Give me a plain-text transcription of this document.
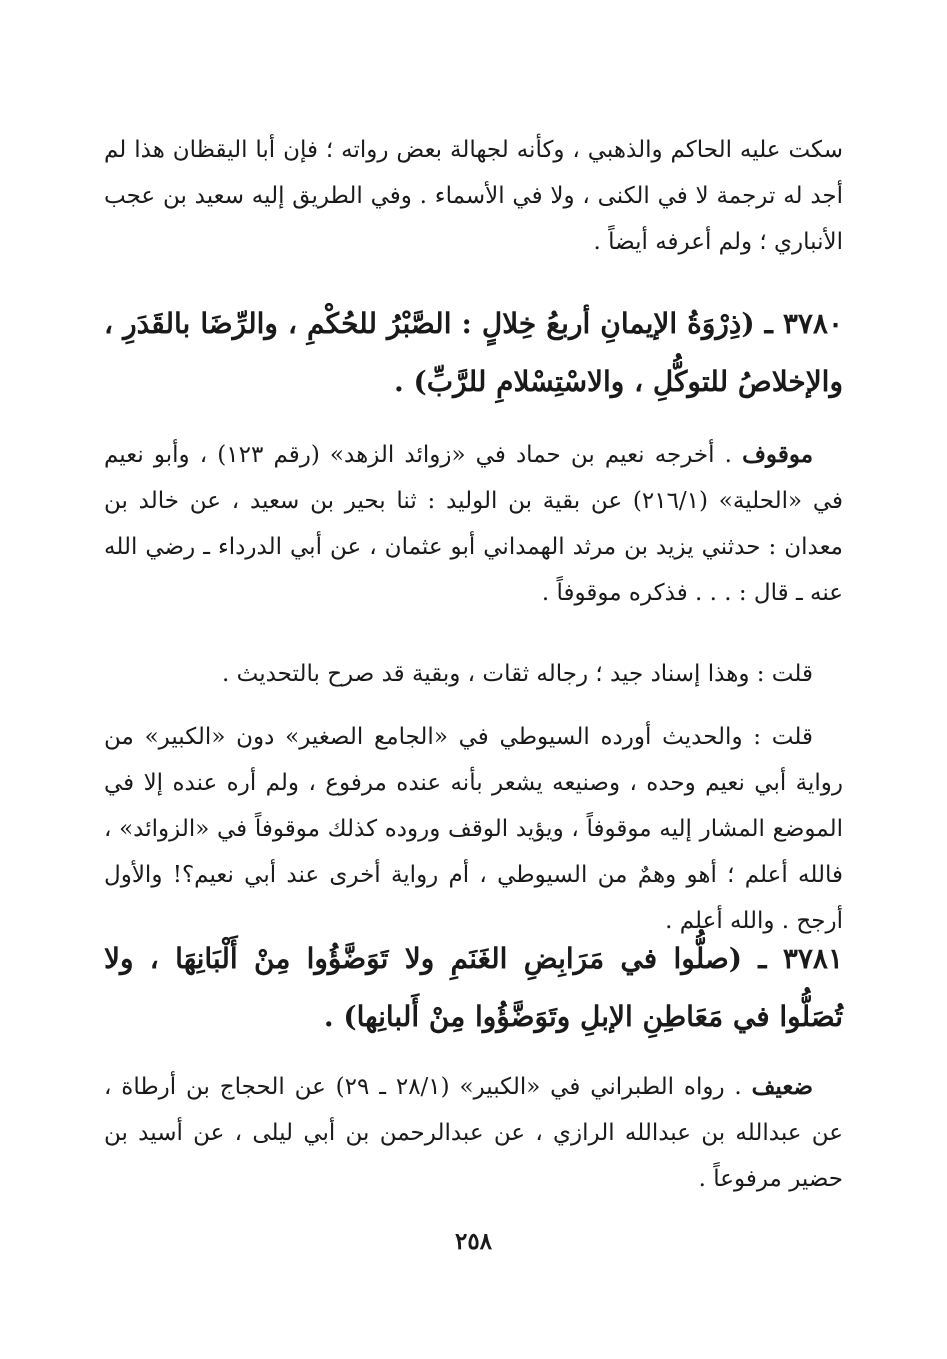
سكت عليه الحاكم والذهبي ، وكأنه لجهالة بعض رواته ؛ فإن أبا اليقظان هذا لم أجد له ترجمة لا في الكنى ، ولا في الأسماء . وفي الطريق إليه سعيد بن عجب الأنباري ؛ ولم أعرفه أيضاً .

٣٧٨٠ ـ (ذِرْوَةُ الإيمانِ أربعُ خِلالٍ : الصَّبْرُ للحُكْمِ ، والرِّضَا بالقَدَرِ ، والإخلاصُ للتوكُّلِ ، والاسْتِسْلامِ للرَّبِّ) .

موقوف . أخرجه نعيم بن حماد في «زوائد الزهد» (رقم ١٢٣) ، وأبو نعيم في «الحلية» (٢١٦/١) عن بقية بن الوليد : ثنا بحير بن سعيد ، عن خالد بن معدان : حدثني يزيد بن مرثد الهمداني أبو عثمان ، عن أبي الدرداء ـ رضي الله عنه ـ قال : . . . فذكره موقوفاً .

قلت : وهذا إسناد جيد ؛ رجاله ثقات ، وبقية قد صرح بالتحديث .

قلت : والحديث أورده السيوطي في «الجامع الصغير» دون «الكبير» من رواية أبي نعيم وحده ، وصنيعه يشعر بأنه عنده مرفوع ، ولم أره عنده إلا في الموضع المشار إليه موقوفاً ، ويؤيد الوقف وروده كذلك موقوفاً في «الزوائد» ، فالله أعلم ؛ أهو وهمٌ من السيوطي ، أم رواية أخرى عند أبي نعيم؟! والأول أرجح . والله أعلم .

٣٧٨١ ـ (صلُّوا في مَرَابِضِ الغَنَمِ ولا تَوَضَّؤُوا مِنْ أَلْبَانِهَا ، ولا تُصَلُّوا في مَعَاطِنِ الإبلِ وتَوَضَّؤُوا مِنْ أَلبانِها) .

ضعيف . رواه الطبراني في «الكبير» (٢٨/١ ـ ٢٩) عن الحجاج بن أرطاة ، عن عبدالله بن عبدالله الرازي ، عن عبدالرحمن بن أبي ليلى ، عن أسيد بن حضير مرفوعاً .

٢٥٨
